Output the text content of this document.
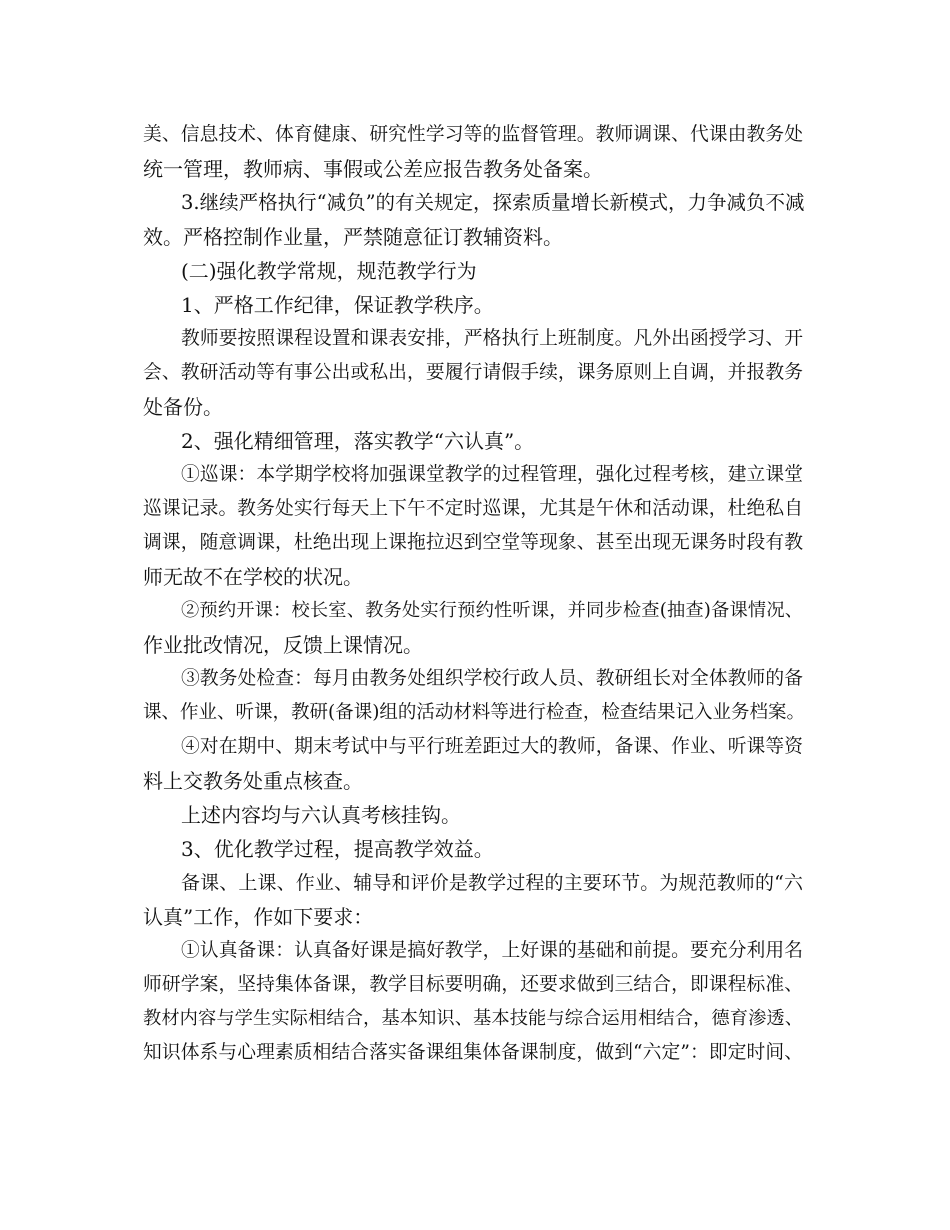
美、信息技术、体育健康、研究性学习等的监督管理。教师调课、代课由教务处
统一管理，教师病、事假或公差应报告教务处备案。
3.继续严格执行“减负”的有关规定，探索质量增长新模式，力争减负不减
效。严格控制作业量，严禁随意征订教辅资料。
(二)强化教学常规，规范教学行为
1、严格工作纪律，保证教学秩序。
教师要按照课程设置和课表安排，严格执行上班制度。凡外出函授学习、开
会、教研活动等有事公出或私出，要履行请假手续，课务原则上自调，并报教务
处备份。
2、强化精细管理，落实教学“六认真”。
①巡课：本学期学校将加强课堂教学的过程管理，强化过程考核，建立课堂
巡课记录。教务处实行每天上下午不定时巡课，尤其是午休和活动课，杜绝私自
调课，随意调课，杜绝出现上课拖拉迟到空堂等现象、甚至出现无课务时段有教
师无故不在学校的状况。
②预约开课：校长室、教务处实行预约性听课，并同步检查(抽查)备课情况、
作业批改情况，反馈上课情况。
③教务处检查：每月由教务处组织学校行政人员、教研组长对全体教师的备
课、作业、听课，教研(备课)组的活动材料等进行检查，检查结果记入业务档案。
④对在期中、期末考试中与平行班差距过大的教师，备课、作业、听课等资
料上交教务处重点核查。
上述内容均与六认真考核挂钩。
3、优化教学过程，提高教学效益。
备课、上课、作业、辅导和评价是教学过程的主要环节。为规范教师的“六
认真”工作，作如下要求：
①认真备课：认真备好课是搞好教学，上好课的基础和前提。要充分利用名
师研学案，坚持集体备课，教学目标要明确，还要求做到三结合，即课程标准、
教材内容与学生实际相结合，基本知识、基本技能与综合运用相结合，德育渗透、
知识体系与心理素质相结合落实备课组集体备课制度，做到“六定”：即定时间、
